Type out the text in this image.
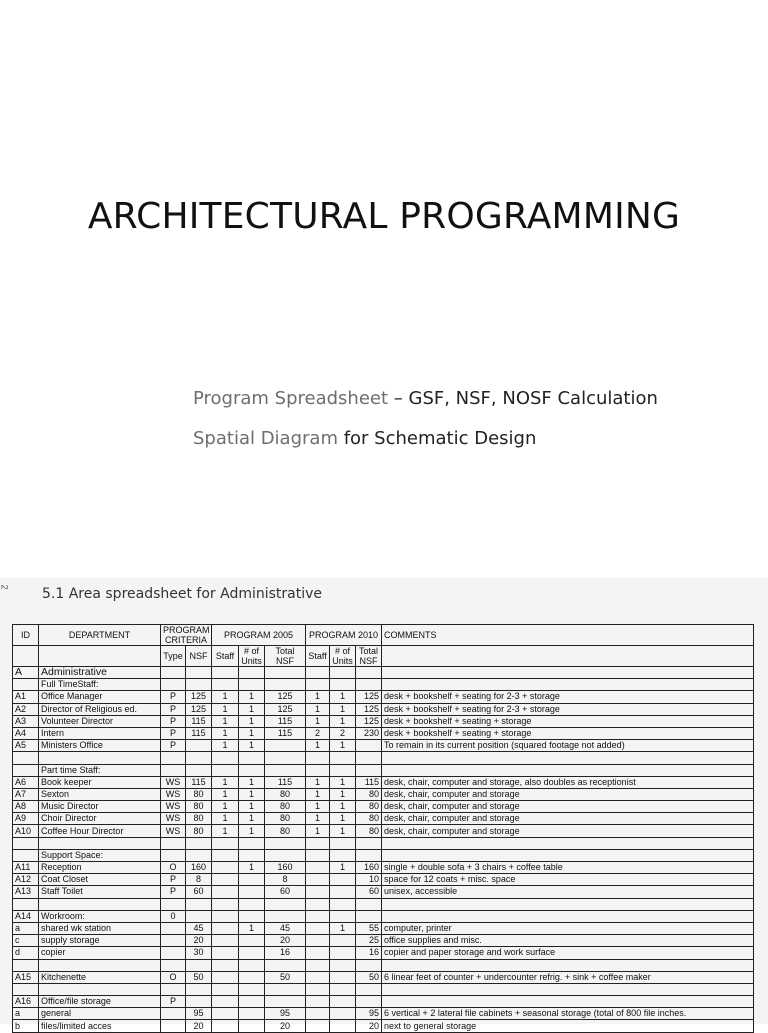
ARCHITECTURAL PROGRAMMING
Program Spreadsheet – GSF, NSF, NOSF Calculation
Spatial Diagram for Schematic Design
2 5.1 Area spreadsheet for Administrative
ID	DEPARTMENT	PROGRAM CRITERIA		PROGRAM 2005			PROGRAM 2010			COMMENTS
		Type	NSF	Staff	# of Units	Total NSF	Staff	# of Units	Total NSF	
A	Administrative									
	Full TimeStaff:									
A1	Office Manager	P	125	1	1	125	1	1	125	desk + bookshelf + seating for 2-3 + storage
A2	Director of Religious ed.	P	125	1	1	125	1	1	125	desk + bookshelf + seating for 2-3 + storage
A3	Volunteer Director	P	115	1	1	115	1	1	125	desk + bookshelf + seating + storage
A4	Intern	P	115	1	1	115	2	2	230	desk + bookshelf + seating + storage
A5	Ministers Office	P		1	1		1	1		To remain in its current position (squared footage not added)

	Part time Staff:									
A6	Book keeper	WS	115	1	1	115	1	1	115	desk, chair, computer and storage, also doubles as receptionist
A7	Sexton	WS	80	1	1	80	1	1	80	desk, chair, computer and storage
A8	Music Director	WS	80	1	1	80	1	1	80	desk, chair, computer and storage
A9	Choir Director	WS	80	1	1	80	1	1	80	desk, chair, computer and storage
A10	Coffee Hour Director	WS	80	1	1	80	1	1	80	desk, chair, computer and storage

	Support Space:									
A11	Reception	O	160		1	160		1	160	single + double sofa + 3 chairs + coffee table
A12	Coat Closet	P	8			8			10	space for 12 coats + misc. space
A13	Staff Toilet	P	60			60			60	unisex, accessible

A14	Workroom:	0								
a	shared wk station		45		1	45		1	55	computer, printer
c	supply storage		20			20			25	office supplies and misc.
d	copier		30			16			16	copier and paper storage and work surface

A15	Kitchenette	O	50			50			50	6 linear feet of counter + undercounter refrig. + sink + coffee maker

A16	Office/file storage	P								
a	general		95			95			95	6 vertical + 2 lateral file cabinets + seasonal storage (total of 800 file inches.
b	files/limited acces		20			20			20	next to general storage
